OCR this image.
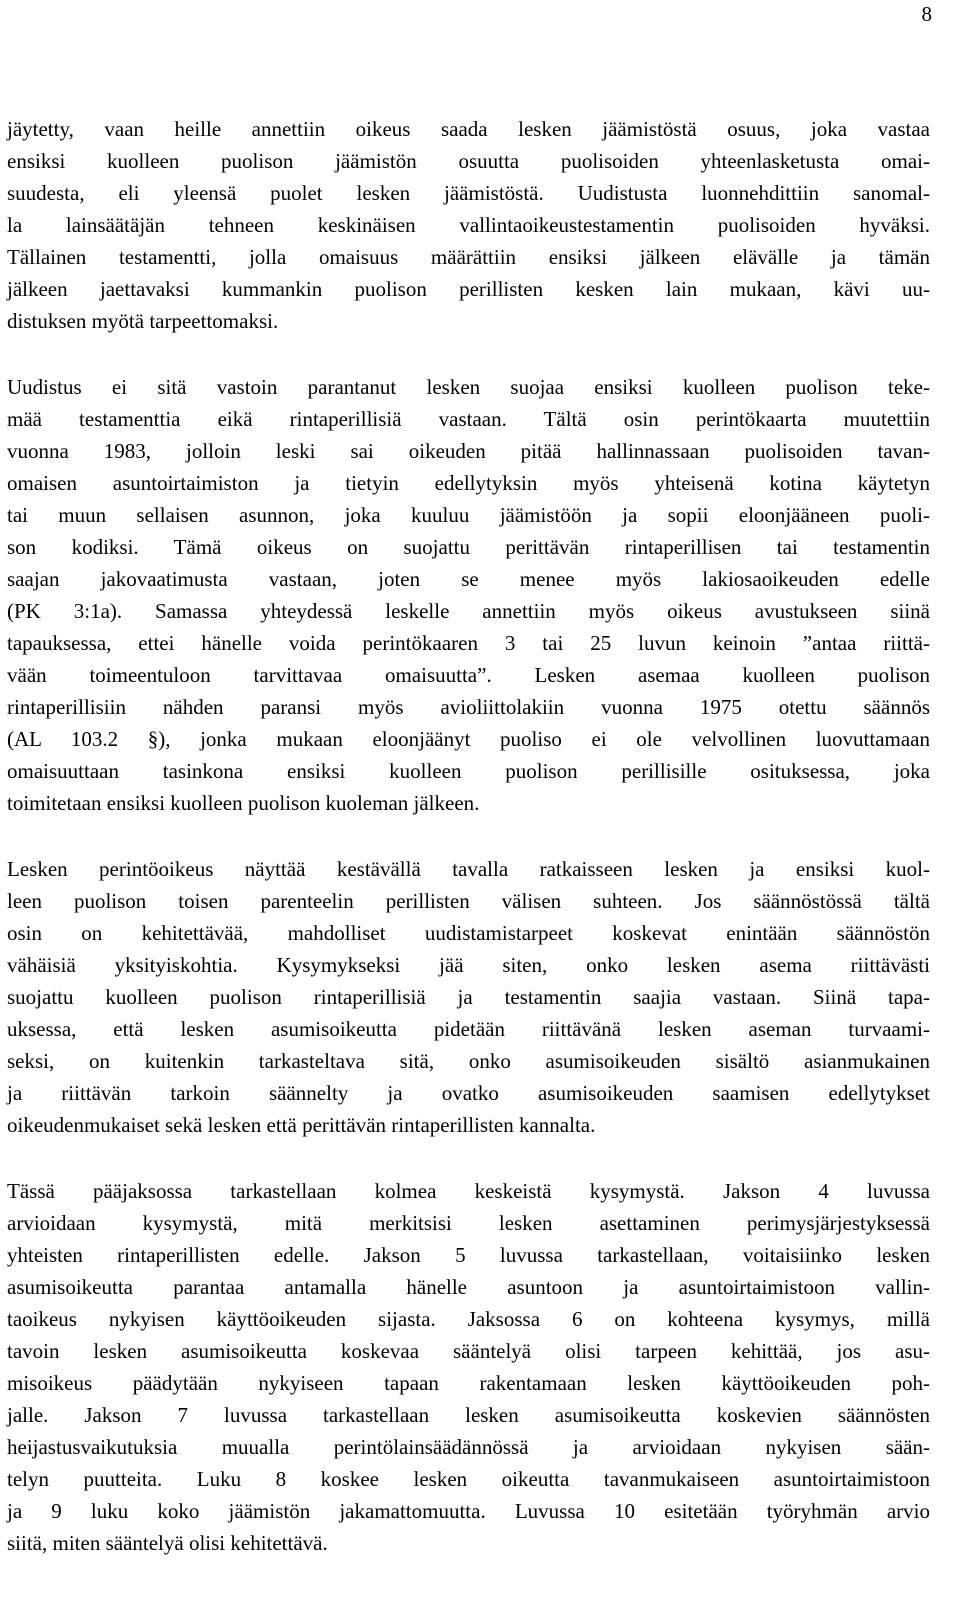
8
jäytetty, vaan heille annettiin oikeus saada lesken jäämistöstä osuus, joka vastaa
ensiksi kuolleen puolison jäämistön osuutta puolisoiden yhteenlasketusta omai-
suudesta, eli yleensä puolet lesken jäämistöstä. Uudistusta luonnehdittiin sanomal-
la lainsäätäjän tehneen keskinäisen vallintaoikeustestamentin puolisoiden hyväksi.
Tällainen testamentti, jolla omaisuus määrättiin ensiksi jälkeen elävälle ja tämän
jälkeen jaettavaksi kummankin puolison perillisten kesken lain mukaan, kävi uu-
distuksen myötä tarpeettomaksi.
Uudistus ei sitä vastoin parantanut lesken suojaa ensiksi kuolleen puolison teke-
mää testamenttia eikä rintaperillisiä vastaan. Tältä osin perintökaarta muutettiin
vuonna 1983, jolloin leski sai oikeuden pitää hallinnassaan puolisoiden tavan-
omaisen asuntoirtaimiston ja tietyin edellytyksin myös yhteisenä kotina käytetyn
tai muun sellaisen asunnon, joka kuuluu jäämistöön ja sopii eloonjääneen puoli-
son kodiksi. Tämä oikeus on suojattu perittävän rintaperillisen tai testamentin
saajan jakovaatimusta vastaan, joten se menee myös lakiosaoikeuden edelle
(PK 3:1a). Samassa yhteydessä leskelle annettiin myös oikeus avustukseen siinä
tapauksessa, ettei hänelle voida perintökaaren 3 tai 25 luvun keinoin ”antaa riittä-
vään toimeentuloon tarvittavaa omaisuutta”. Lesken asemaa kuolleen puolison
rintaperillisiin nähden paransi myös avioliittolakiin vuonna 1975 otettu säännös
(AL 103.2 §), jonka mukaan eloonjäänyt puoliso ei ole velvollinen luovuttamaan
omaisuuttaan tasinkona ensiksi kuolleen puolison perillisille osituksessa, joka
toimitetaan ensiksi kuolleen puolison kuoleman jälkeen.
Lesken perintöoikeus näyttää kestävällä tavalla ratkaisseen lesken ja ensiksi kuol-
leen puolison toisen parenteelin perillisten välisen suhteen. Jos säännöstössä tältä
osin on kehitettävää, mahdolliset uudistamistarpeet koskevat enintään säännöstön
vähäisiä yksityiskohtia. Kysymykseksi jää siten, onko lesken asema riittävästi
suojattu kuolleen puolison rintaperillisiä ja testamentin saajia vastaan. Siinä tapa-
uksessa, että lesken asumisoikeutta pidetään riittävänä lesken aseman turvaami-
seksi, on kuitenkin tarkasteltava sitä, onko asumisoikeuden sisältö asianmukainen
ja riittävän tarkoin säännelty ja ovatko asumisoikeuden saamisen edellytykset
oikeudenmukaiset sekä lesken että perittävän rintaperillisten kannalta.
Tässä pääjaksossa tarkastellaan kolmea keskeistä kysymystä. Jakson 4 luvussa
arvioidaan kysymystä, mitä merkitsisi lesken asettaminen perimysjärjestyksessä
yhteisten rintaperillisten edelle. Jakson 5 luvussa tarkastellaan, voitaisiinko lesken
asumisoikeutta parantaa antamalla hänelle asuntoon ja asuntoirtaimistoon vallin-
taoikeus nykyisen käyttöoikeuden sijasta. Jaksossa 6 on kohteena kysymys, millä
tavoin lesken asumisoikeutta koskevaa sääntelyä olisi tarpeen kehittää, jos asu-
misoikeus päädytään nykyiseen tapaan rakentamaan lesken käyttöoikeuden poh-
jalle. Jakson 7 luvussa tarkastellaan lesken asumisoikeutta koskevien säännösten
heijastusvaikutuksia muualla perintölainsäädännössä ja arvioidaan nykyisen sään-
telyn puutteita. Luku 8 koskee lesken oikeutta tavanmukaiseen asuntoirtaimistoon
ja 9 luku koko jäämistön jakamattomuutta. Luvussa 10 esitetään työryhmän arvio
siitä, miten sääntelyä olisi kehitettävä.
